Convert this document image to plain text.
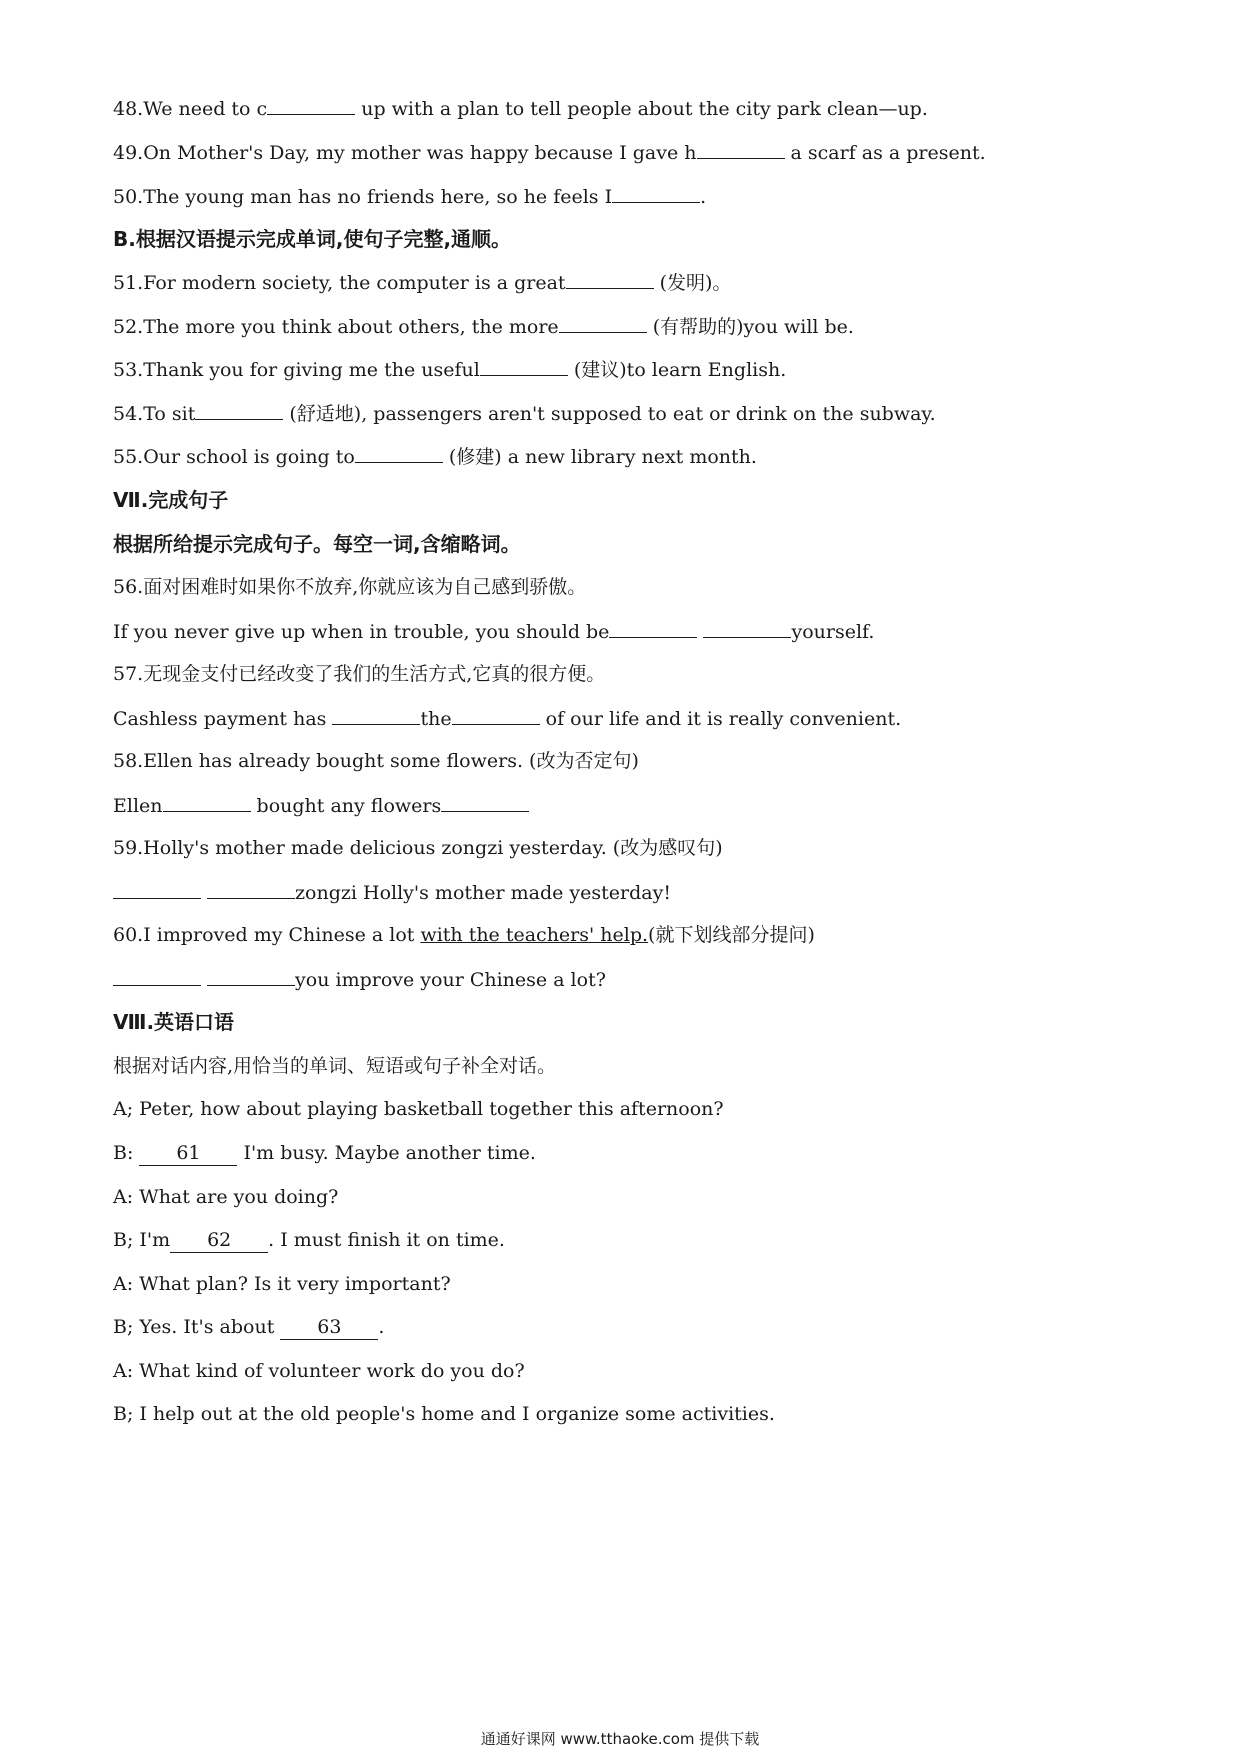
48.We need to c	up with a plan to tell people about the city park clean—up.
49.On Mother's Day, my mother was happy because I gave h	a scarf as a present.
50.The young man has no friends here, so he feels I	.
B.根据汉语提示完成单词,使句子完整,通顺。
51.For modern society, the computer is a great	(发明)。
52.The more you think about others, the more	(有帮助的)you will be.
53.Thank you for giving me the useful	(建议)to learn English.
54.To sit	(舒适地), passengers aren't supposed to eat or drink on the subway.
55.Our school is going to	(修建) a new library next month.
Ⅶ.完成句子
根据所给提示完成句子。每空一词,含缩略词。
56.面对困难时如果你不放弃,你就应该为自己感到骄傲。
If you never give up when in trouble, you should be	yourself.
57.无现金支付已经改变了我们的生活方式,它真的很方便。
Cashless payment has	the	of our life and it is really convenient.
58.Ellen has already bought some flowers. (改为否定句)
Ellen	bought any flowers
59.Holly's mother made delicious zongzi yesterday. (改为感叹句)
zongzi Holly's mother made yesterday!
60.I improved my Chinese a lot with the teachers' help.(就下划线部分提问)
you improve your Chinese a lot?
Ⅷ.英语口语
根据对话内容,用恰当的单词、短语或句子补全对话。
A; Peter, how about playing basketball together this afternoon?
B: 61 I'm busy. Maybe another time.
A: What are you doing?
B; I'm 62 . I must finish it on time.
A: What plan? Is it very important?
B; Yes. It's about 63 .
A: What kind of volunteer work do you do?
B; I help out at the old people's home and I organize some activities.
通通好课网 www.tthaoke.com 提供下载
